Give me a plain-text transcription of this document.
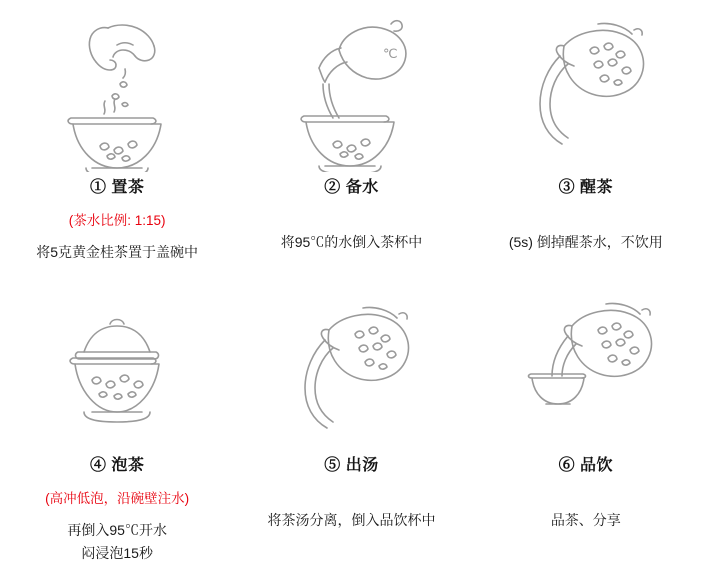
① 置茶
(茶水比例: 1:15)
将5克黄金桂茶置于盖碗中
℃
② 备水
将95℃的水倒入茶杯中
③ 醒茶
(5s) 倒掉醒茶水，不饮用
④ 泡茶
(高冲低泡，沿碗壁注水)
再倒入95℃开水
闷浸泡15秒
⑤ 出汤
将茶汤分离，倒入品饮杯中
⑥ 品饮
品茶、分享
